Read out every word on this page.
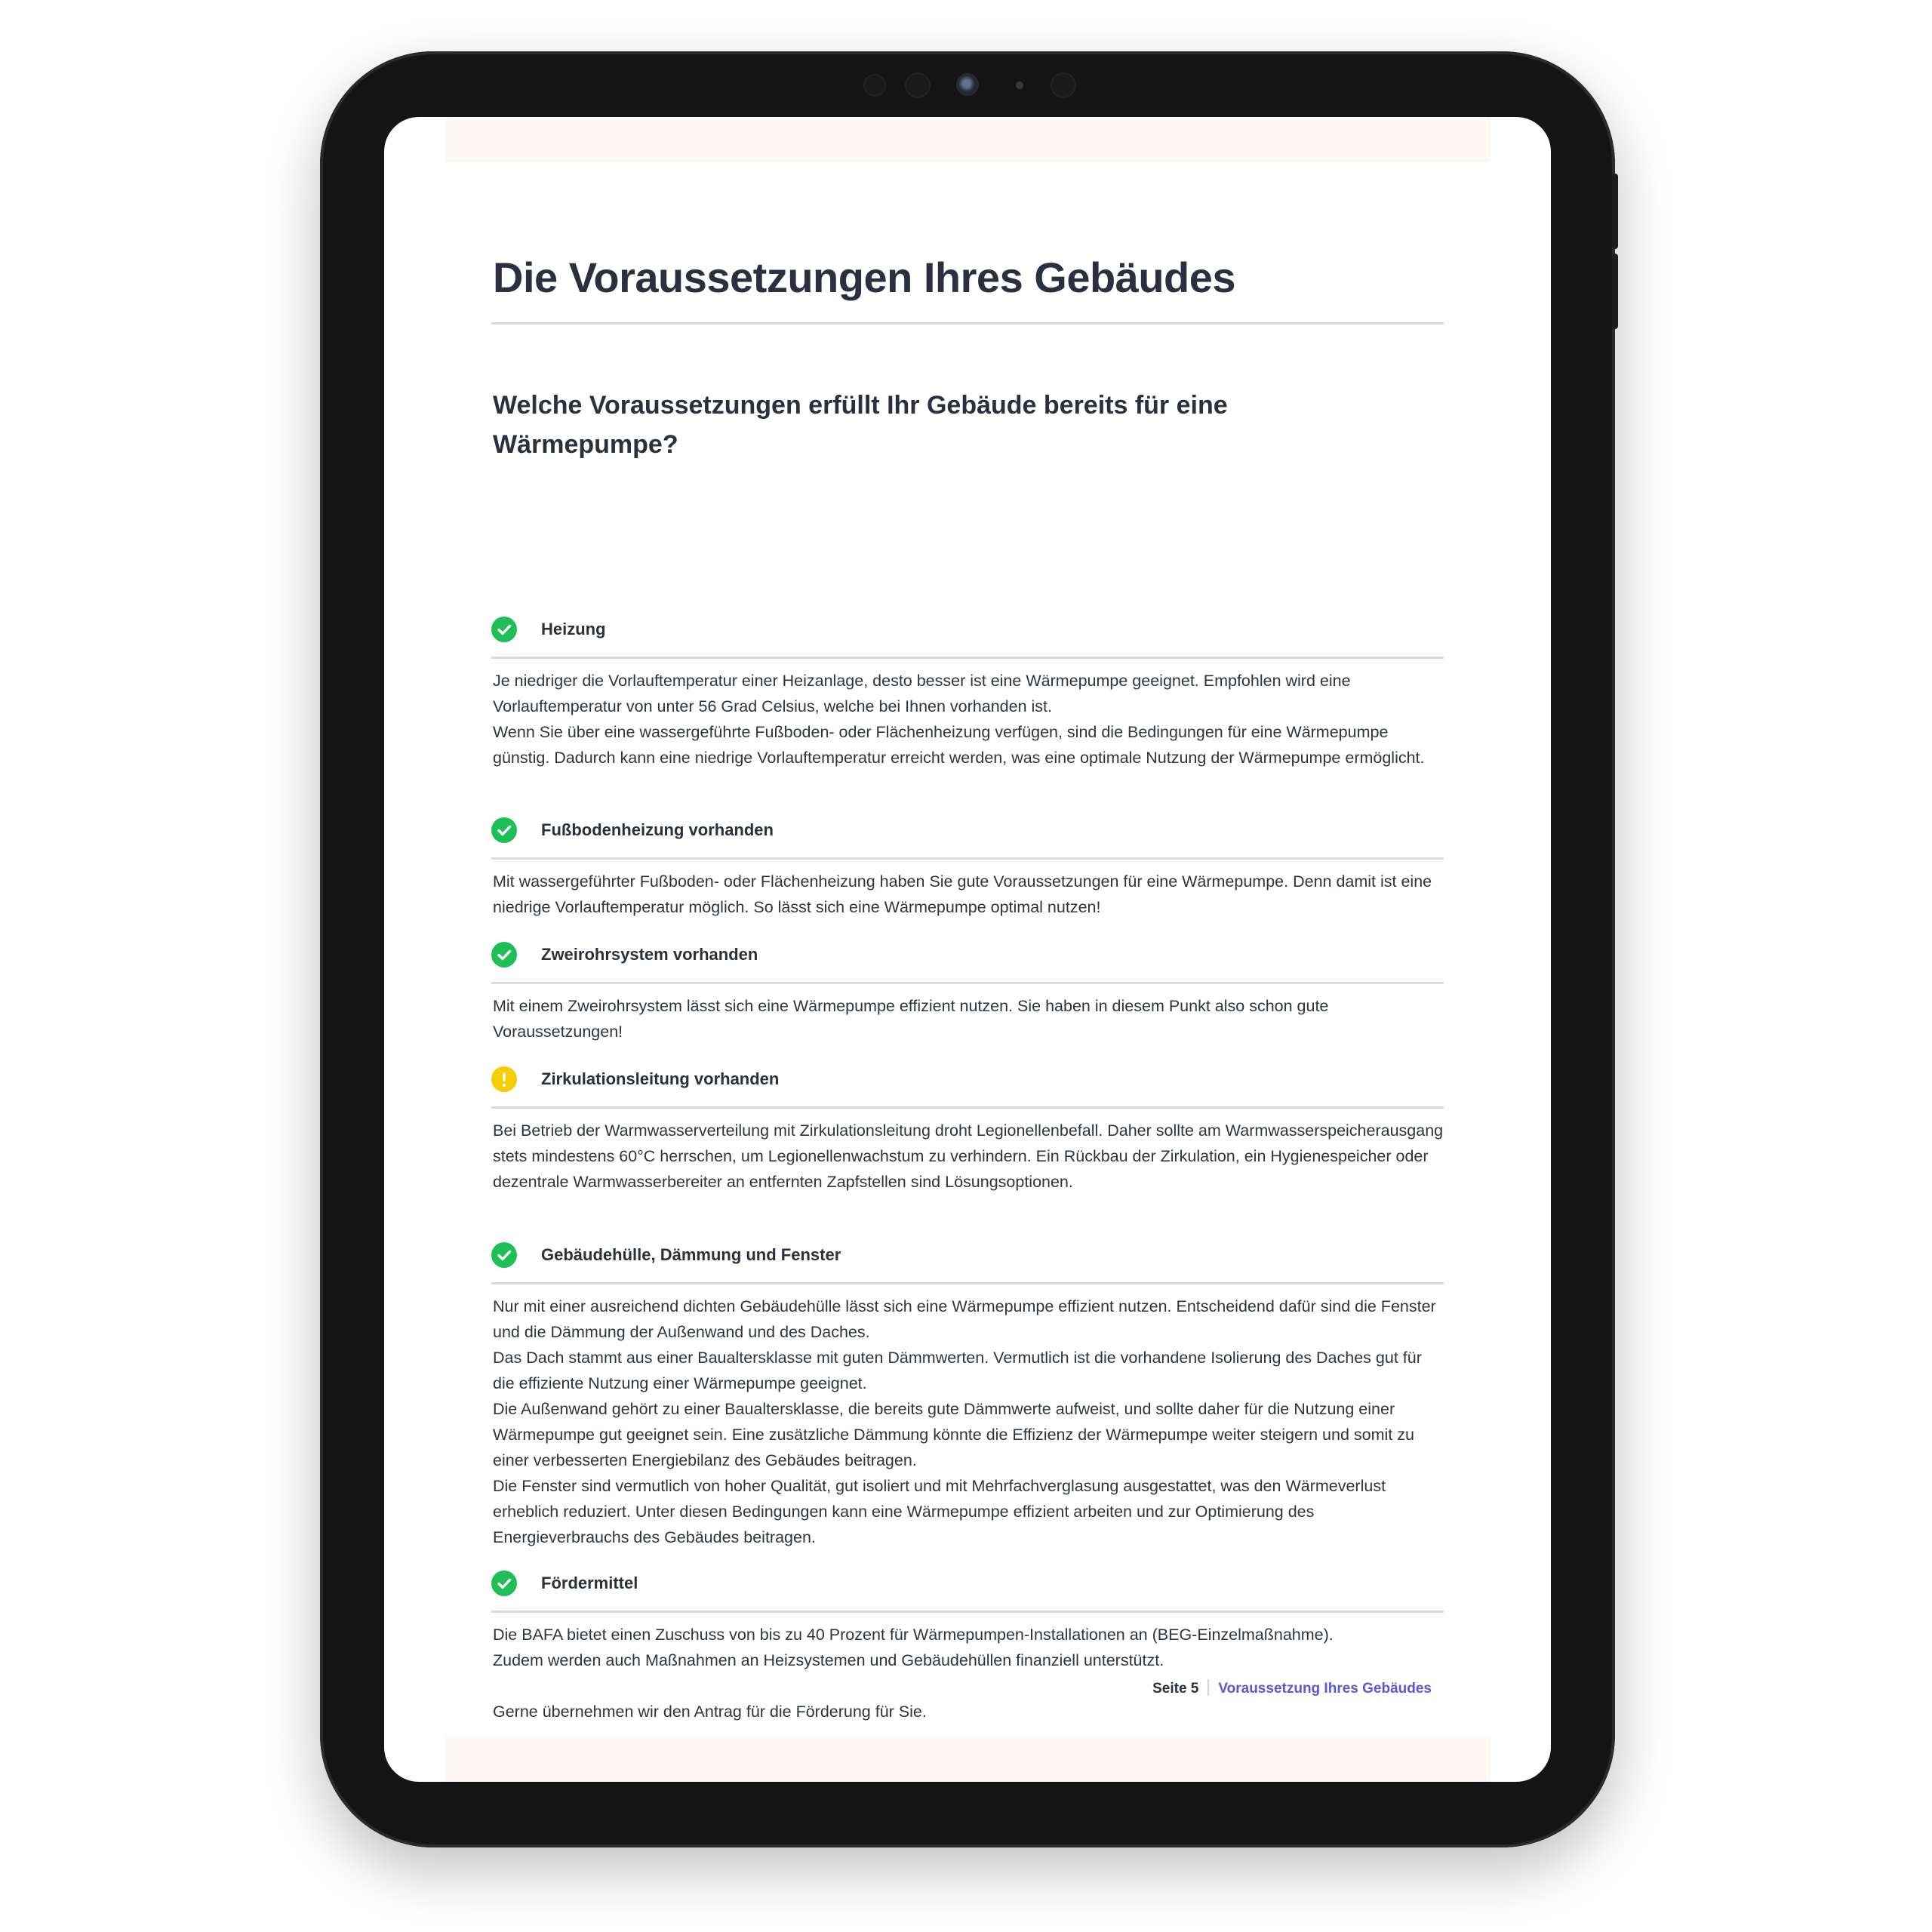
Die Voraussetzungen Ihres Gebäudes
Welche Voraussetzungen erfüllt Ihr Gebäude bereits für eine Wärmepumpe?
Heizung

Je niedriger die Vorlauftemperatur einer Heizanlage, desto besser ist eine Wärmepumpe geeignet. Empfohlen wird eine Vorlauftemperatur von unter 56 Grad Celsius, welche bei Ihnen vorhanden ist.

Wenn Sie über eine wassergeführte Fußboden- oder Flächenheizung verfügen, sind die Bedingungen für eine Wärmepumpe günstig. Dadurch kann eine niedrige Vorlauftemperatur erreicht werden, was eine optimale Nutzung der Wärmepumpe ermöglicht.

Fußbodenheizung vorhanden

Mit wassergeführter Fußboden- oder Flächenheizung haben Sie gute Voraussetzungen für eine Wärmepumpe. Denn damit ist eine niedrige Vorlauftemperatur möglich. So lässt sich eine Wärmepumpe optimal nutzen!

Zweirohrsystem vorhanden

Mit einem Zweirohrsystem lässt sich eine Wärmepumpe effizient nutzen. Sie haben in diesem Punkt also schon gute Voraussetzungen!

Zirkulationsleitung vorhanden

Bei Betrieb der Warmwasserverteilung mit Zirkulationsleitung droht Legionellenbefall. Daher sollte am Warmwasserspeicherausgang stets mindestens 60°C herrschen, um Legionellenwachstum zu verhindern. Ein Rückbau der Zirkulation, ein Hygienespeicher oder dezentrale Warmwasserbereiter an entfernten Zapfstellen sind Lösungsoptionen.

Gebäudehülle, Dämmung und Fenster

Nur mit einer ausreichend dichten Gebäudehülle lässt sich eine Wärmepumpe effizient nutzen. Entscheidend dafür sind die Fenster und die Dämmung der Außenwand und des Daches.

Das Dach stammt aus einer Baualtersklasse mit guten Dämmwerten. Vermutlich ist die vorhandene Isolierung des Daches gut für die effiziente Nutzung einer Wärmepumpe geeignet.

Die Außenwand gehört zu einer Baualtersklasse, die bereits gute Dämmwerte aufweist, und sollte daher für die Nutzung einer Wärmepumpe gut geeignet sein. Eine zusätzliche Dämmung könnte die Effizienz der Wärmepumpe weiter steigern und somit zu einer verbesserten Energiebilanz des Gebäudes beitragen.

Die Fenster sind vermutlich von hoher Qualität, gut isoliert und mit Mehrfachverglasung ausgestattet, was den Wärmeverlust erheblich reduziert. Unter diesen Bedingungen kann eine Wärmepumpe effizient arbeiten und zur Optimierung des Energieverbrauchs des Gebäudes beitragen.

Fördermittel

Die BAFA bietet einen Zuschuss von bis zu 40 Prozent für Wärmepumpen-Installationen an (BEG-Einzelmaßnahme).

Zudem werden auch Maßnahmen an Heizsystemen und Gebäudehüllen finanziell unterstützt.

Gerne übernehmen wir den Antrag für die Förderung für Sie.

Seite 5 Voraussetzung Ihres Gebäudes
